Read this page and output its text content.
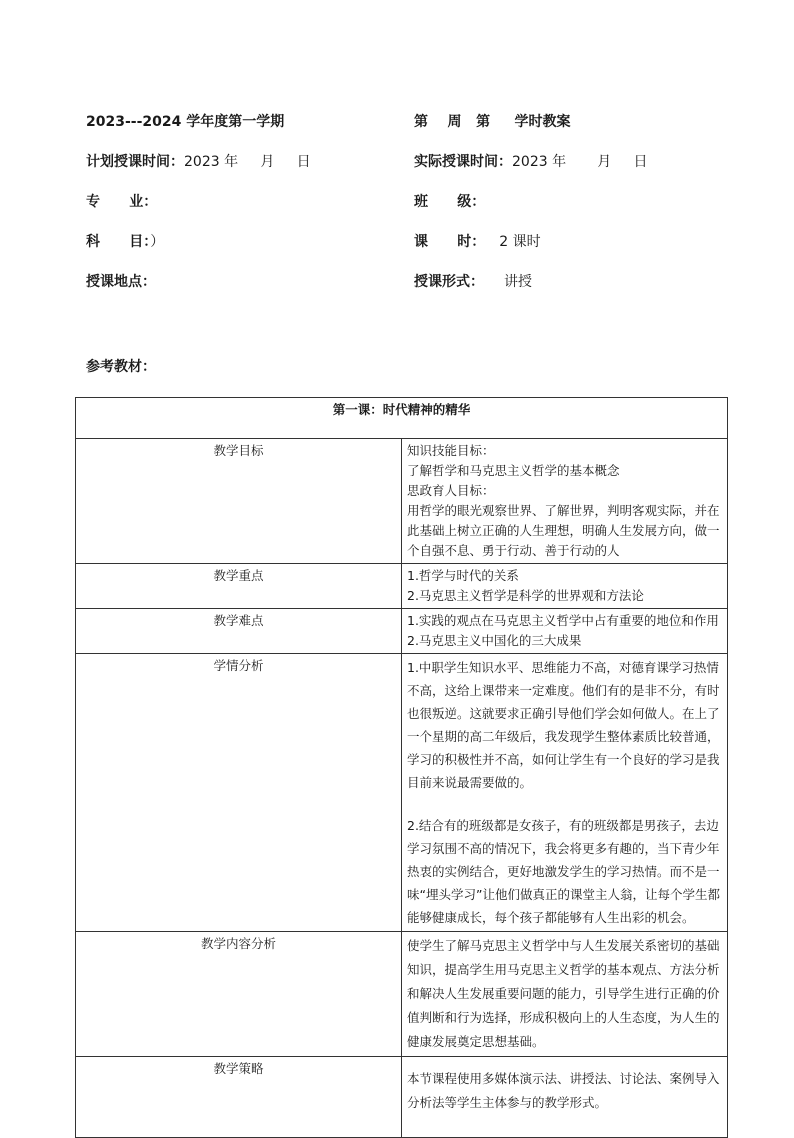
2023---2024 学年度第一学期	第    周   第     学时教案
计划授课时间：2023 年     月     日	实际授课时间：2023 年       月     日
专      业：	班      级：
科      目：）	课      时： 2 课时
授课地点：	授课形式： 讲授
参考教材：
第一课：时代精神的精华	
教学目标	知识技能目标：
了解哲学和马克思主义哲学的基本概念
思政育人目标：
用哲学的眼光观察世界、了解世界，判明客观实际，并在此基础上树立正确的人生理想，明确人生发展方向，做一个自强不息、勇于行动、善于行动的人

教学重点	1.哲学与时代的关系
2.马克思主义哲学是科学的世界观和方法论

教学难点	1.实践的观点在马克思主义哲学中占有重要的地位和作用
2.马克思主义中国化的三大成果

学情分析	1.中职学生知识水平、思维能力不高，对德育课学习热情不高，这给上课带来一定难度。他们有的是非不分，有时也很叛逆。这就要求正确引导他们学会如何做人。在上了一个星期的高二年级后，我发现学生整体素质比较普通，学习的积极性并不高，如何让学生有一个良好的学习是我目前来说最需要做的。
2.结合有的班级都是女孩子，有的班级都是男孩子，去边学习氛围不高的情况下，我会将更多有趣的，当下青少年热衷的实例结合，更好地激发学生的学习热情。而不是一味“埋头学习”让他们做真正的课堂主人翁，让每个学生都能够健康成长，每个孩子都能够有人生出彩的机会。

教学内容分析	使学生了解马克思主义哲学中与人生发展关系密切的基础知识，提高学生用马克思主义哲学的基本观点、方法分析和解决人生发展重要问题的能力，引导学生进行正确的价值判断和行为选择，形成积极向上的人生态度，为人生的健康发展奠定思想基础。

教学策略	本节课程使用多媒体演示法、讲授法、讨论法、案例导入分析法等学生主体参与的教学形式。
